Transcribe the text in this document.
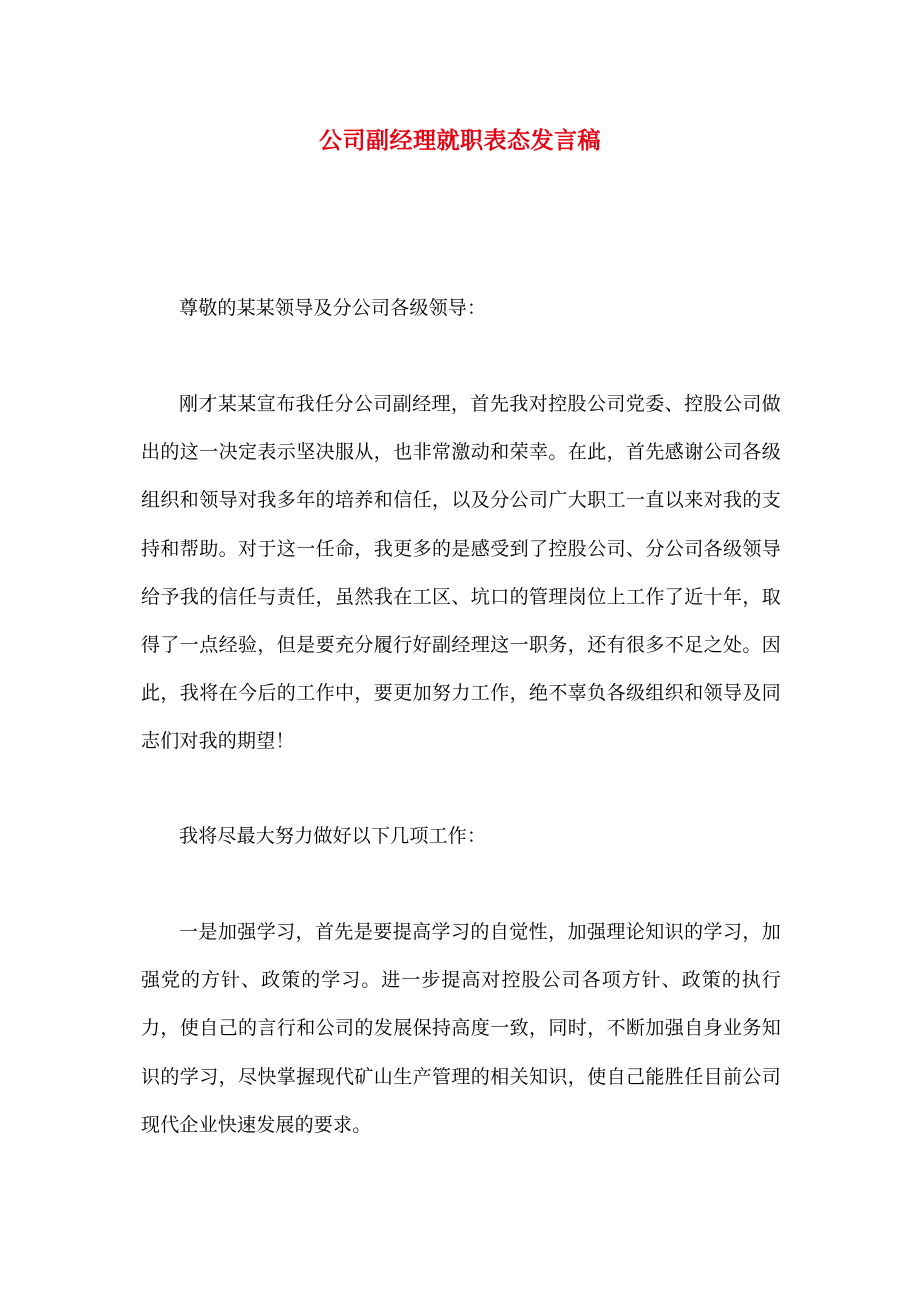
公司副经理就职表态发言稿

尊敬的某某领导及分公司各级领导：

刚才某某宣布我任分公司副经理，首先我对控股公司党委、控股公司做出的这一决定表示坚决服从，也非常激动和荣幸。在此，首先感谢公司各级组织和领导对我多年的培养和信任，以及分公司广大职工一直以来对我的支持和帮助。对于这一任命，我更多的是感受到了控股公司、分公司各级领导给予我的信任与责任，虽然我在工区、坑口的管理岗位上工作了近十年，取得了一点经验，但是要充分履行好副经理这一职务，还有很多不足之处。因此，我将在今后的工作中，要更加努力工作，绝不辜负各级组织和领导及同志们对我的期望！

我将尽最大努力做好以下几项工作：

一是加强学习，首先是要提高学习的自觉性，加强理论知识的学习，加强党的方针、政策的学习。进一步提高对控股公司各项方针、政策的执行力，使自己的言行和公司的发展保持高度一致，同时，不断加强自身业务知识的学习，尽快掌握现代矿山生产管理的相关知识，使自己能胜任目前公司现代企业快速发展的要求。
